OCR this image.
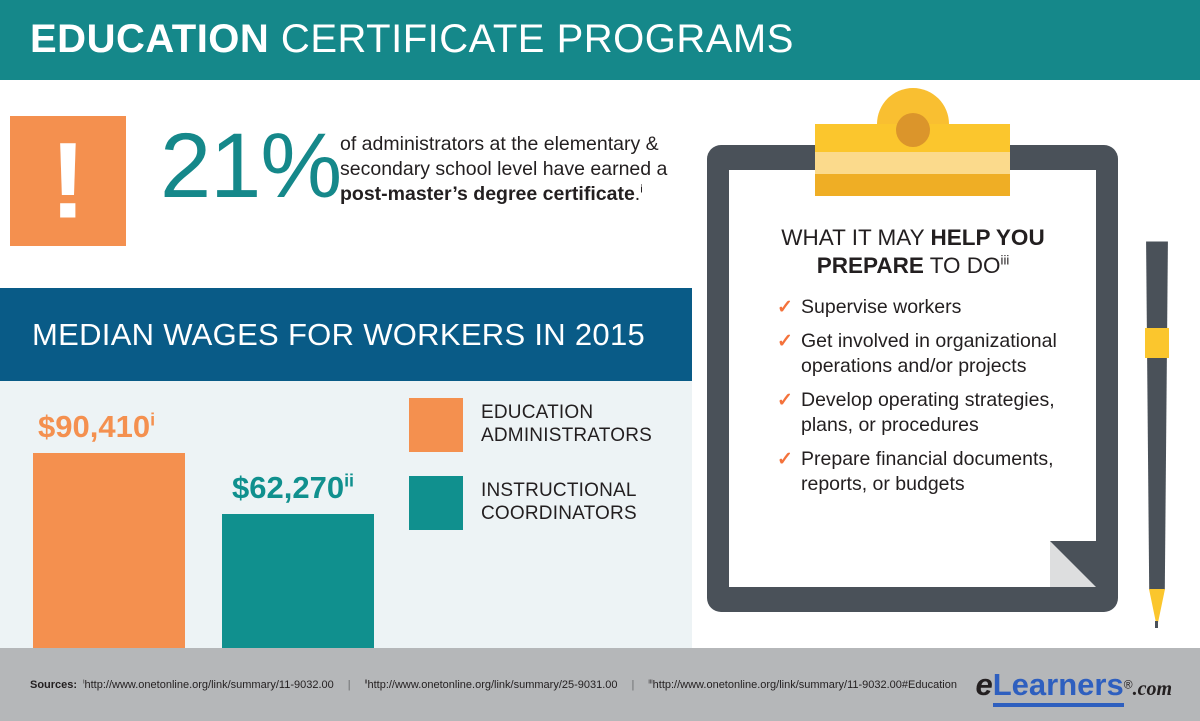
EDUCATION CERTIFICATE PROGRAMS
! 21%
of administrators at the elementary & secondary school level have earned a post-master’s degree certificate.$^i$
MEDIAN WAGES FOR WORKERS IN 2015
$90,410$^i$
$62,270$^{ii}$
EDUCATION
ADMINISTRATORS
INSTRUCTIONAL
COORDINATORS
WHAT IT MAY HELP YOU PREPARE TO DO$^{iii}$
✓ Supervise workers
✓ Get involved in organizational operations and/or projects
✓ Develop operating strategies, plans, or procedures
✓ Prepare financial documents, reports, or budgets
Sources: $^i$http://www.onetonline.org/link/summary/11-9032.00 | $^{ii}$http://www.onetonline.org/link/summary/25-9031.00 | $^{iii}$http://www.onetonline.org/link/summary/11-9032.00#Education eLearners®.com
